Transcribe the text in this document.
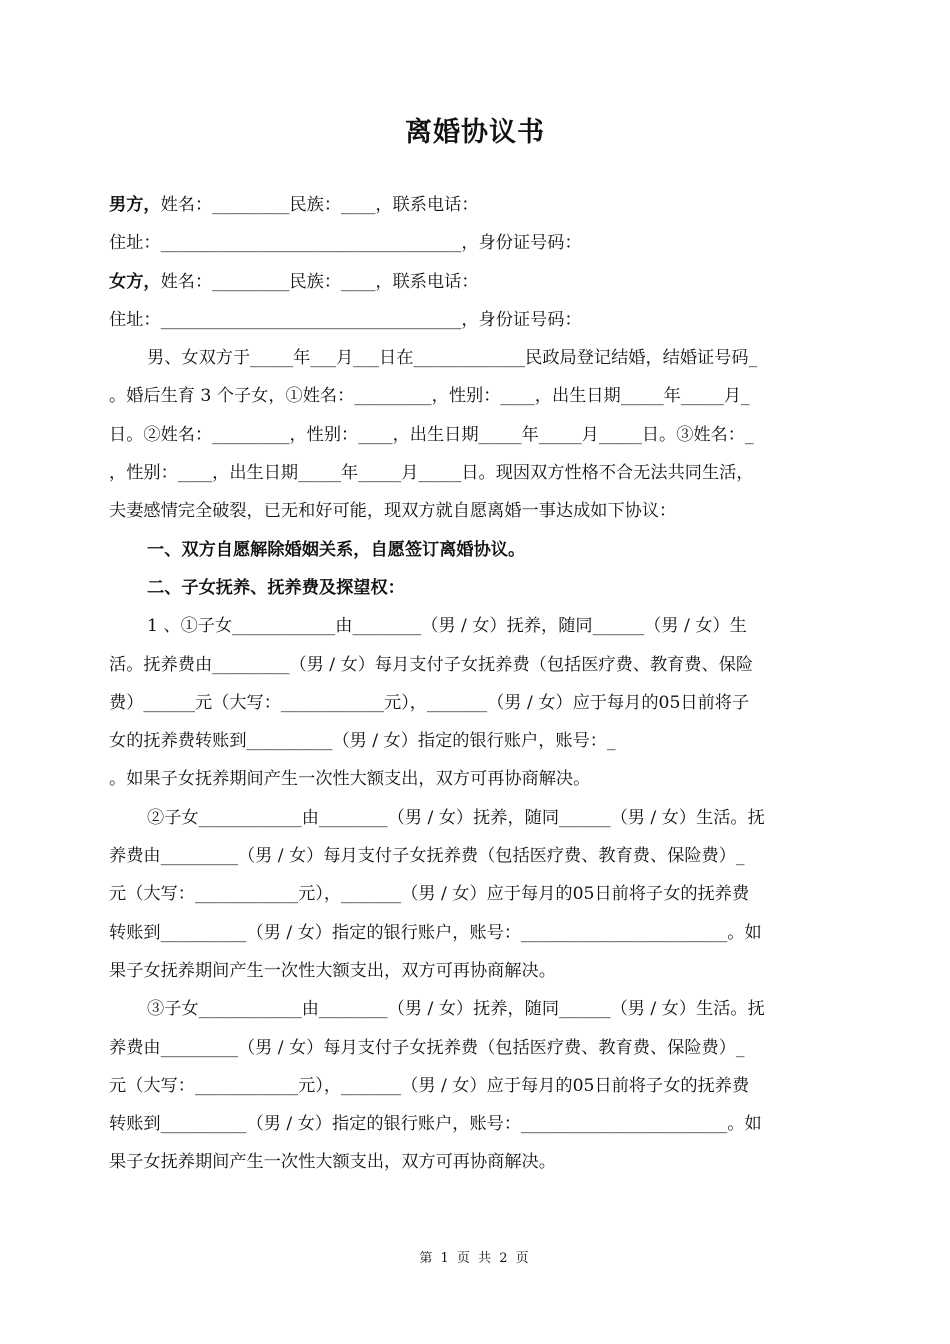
离婚协议书
男方，姓名：_________民族：____，联系电话：
住址：___________________________________，身份证号码：
女方，姓名：_________民族：____，联系电话：
住址：___________________________________，身份证号码：
男、女双方于_____年___月___日在_____________民政局登记结婚，结婚证号码_
。婚后生育 3 个子女，①姓名：_________，性别：____，出生日期_____年_____月_
日。②姓名：_________，性别：____，出生日期_____年_____月_____日。③姓名：_
，性别：____，出生日期_____年_____月_____日。现因双方性格不合无法共同生活，
夫妻感情完全破裂，已无和好可能，现双方就自愿离婚一事达成如下协议：
一、双方自愿解除婚姻关系，自愿签订离婚协议。
二、子女抚养、抚养费及探望权：
1 、①子女____________由________（男 / 女）抚养，随同______（男 / 女）生
活。抚养费由_________（男 / 女）每月支付子女抚养费（包括医疗费、教育费、保险
费）______元（大写：____________元），_______（男 / 女）应于每月的05日前将子
女的抚养费转账到__________（男 / 女）指定的银行账户，账号：_
。如果子女抚养期间产生一次性大额支出，双方可再协商解决。
②子女____________由________（男 / 女）抚养，随同______（男 / 女）生活。抚
养费由_________（男 / 女）每月支付子女抚养费（包括医疗费、教育费、保险费）_
元（大写：____________元），_______（男 / 女）应于每月的05日前将子女的抚养费
转账到__________（男 / 女）指定的银行账户，账号：________________________。如
果子女抚养期间产生一次性大额支出，双方可再协商解决。
③子女____________由________（男 / 女）抚养，随同______（男 / 女）生活。抚
养费由_________（男 / 女）每月支付子女抚养费（包括医疗费、教育费、保险费）_
元（大写：____________元），_______（男 / 女）应于每月的05日前将子女的抚养费
转账到__________（男 / 女）指定的银行账户，账号：________________________。如
果子女抚养期间产生一次性大额支出，双方可再协商解决。
第 1 页 共 2 页
